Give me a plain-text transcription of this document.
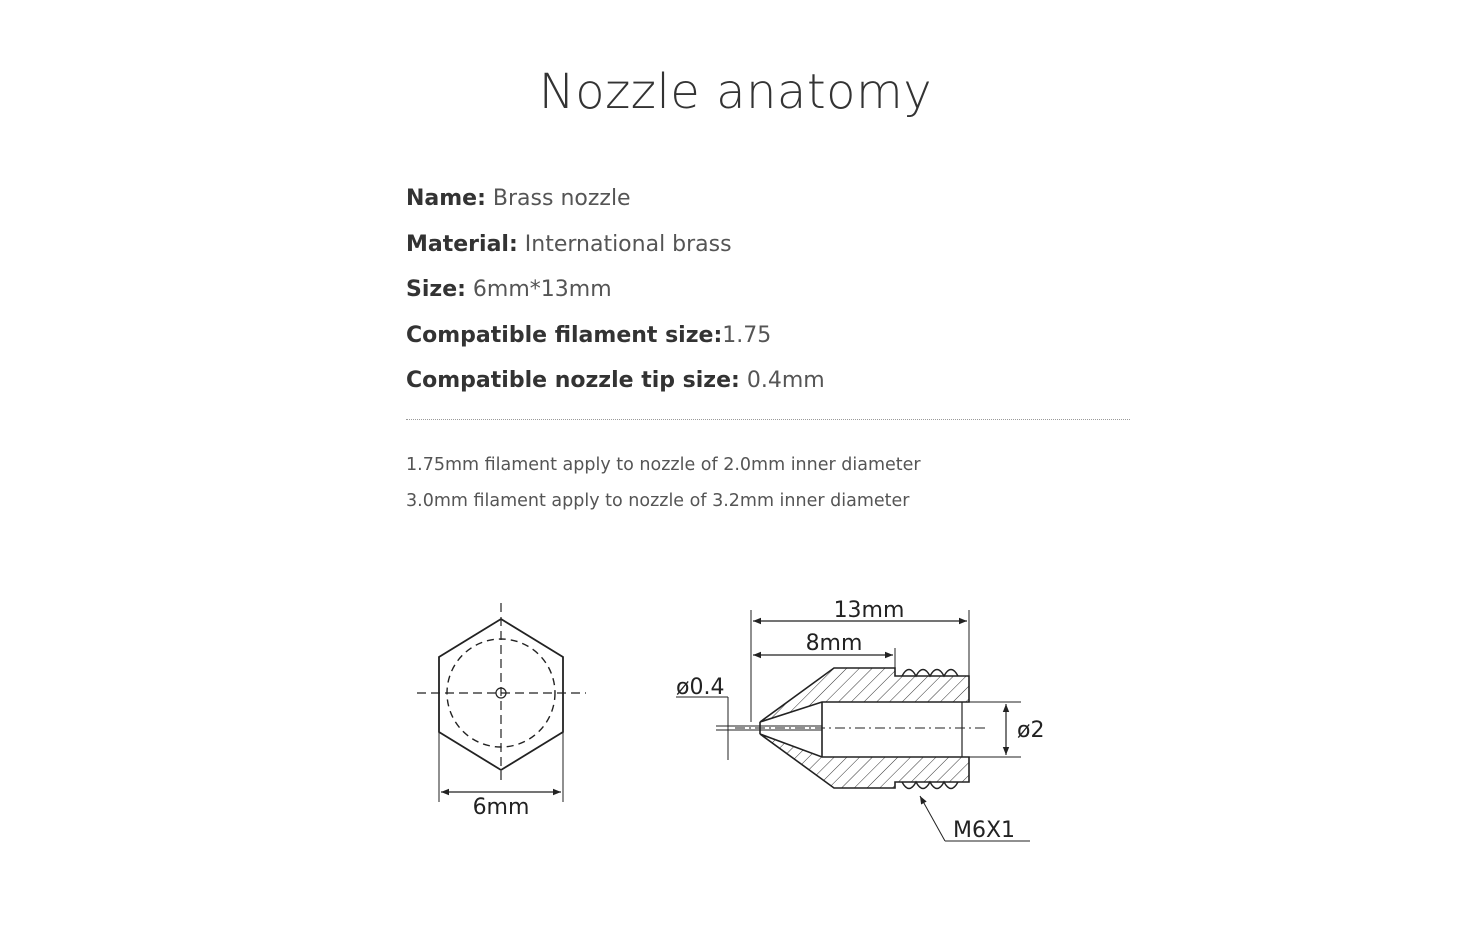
Nozzle anatomy
Name: Brass nozzle
Material: International brass
Size: 6mm*13mm
Compatible filament size:1.75
Compatible nozzle tip size: 0.4mm
1.75mm filament apply to nozzle of 2.0mm inner diameter
3.0mm filament apply to nozzle of 3.2mm inner diameter
6mm
13mm
8mm
ø0.4
ø2
M6X1
